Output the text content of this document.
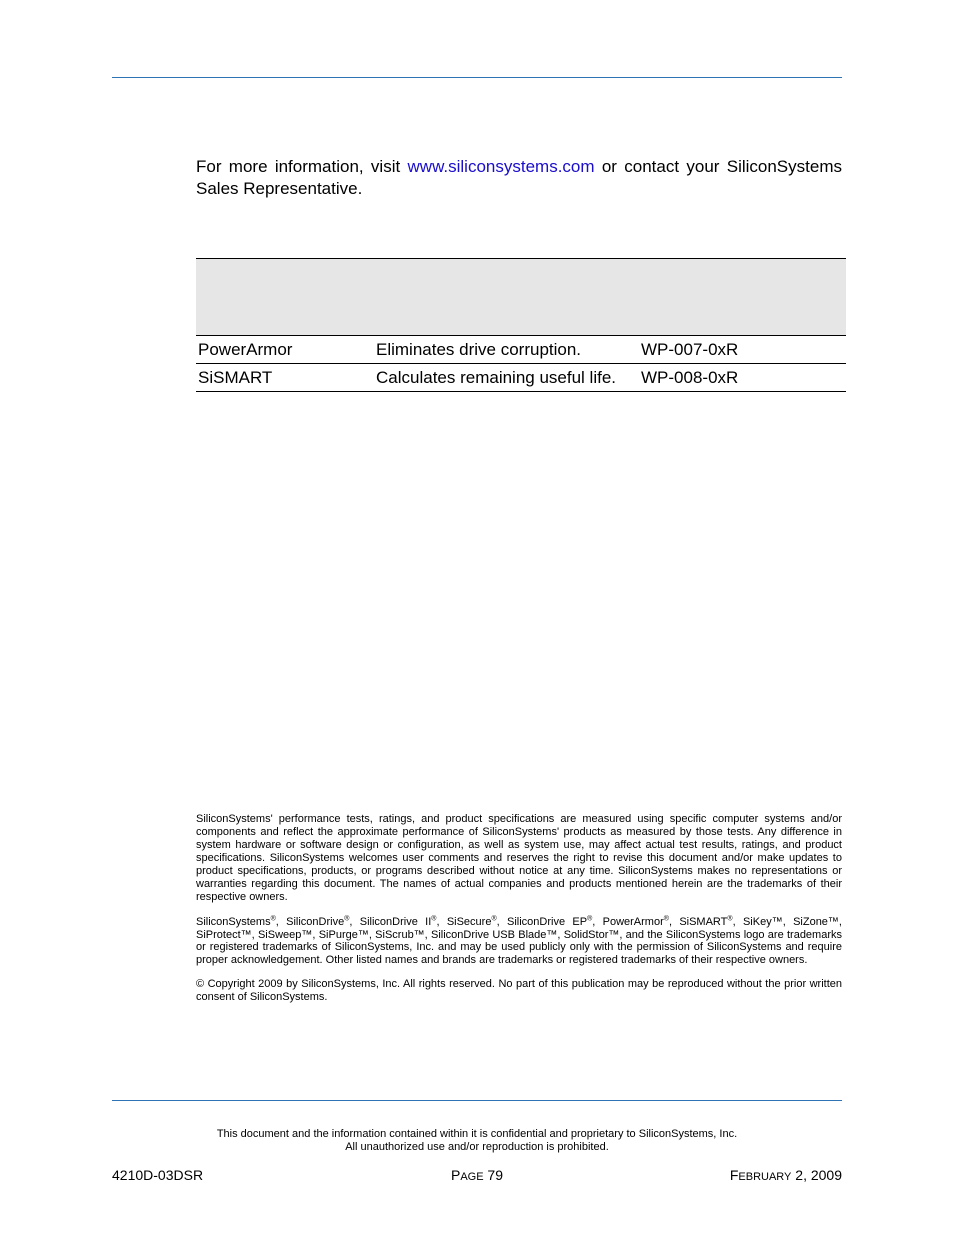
For more information, visit www.siliconsystems.com or contact your SiliconSystems Sales Representative.

PowerArmor	Eliminates drive corruption.	WP-007-0xR
SiSMART	Calculates remaining useful life.	WP-008-0xR

SiliconSystems' performance tests, ratings, and product specifications are measured using specific computer systems and/or components and reflect the approximate performance of SiliconSystems' products as measured by those tests. Any difference in system hardware or software design or configuration, as well as system use, may affect actual test results, ratings, and product specifications. SiliconSystems welcomes user comments and reserves the right to revise this document and/or make updates to product specifications, products, or programs described without notice at any time. SiliconSystems makes no representations or warranties regarding this document. The names of actual companies and products mentioned herein are the trademarks of their respective owners.

SiliconSystems®, SiliconDrive®, SiliconDrive II®, SiSecure®, SiliconDrive EP®, PowerArmor®, SiSMART®, SiKey™, SiZone™, SiProtect™, SiSweep™, SiPurge™, SiScrub™, SiliconDrive USB Blade™, SolidStor™, and the SiliconSystems logo are trademarks or registered trademarks of SiliconSystems, Inc. and may be used publicly only with the permission of SiliconSystems and require proper acknowledgement. Other listed names and brands are trademarks or registered trademarks of their respective owners.

© Copyright 2009 by SiliconSystems, Inc. All rights reserved. No part of this publication may be reproduced without the prior written consent of SiliconSystems.

This document and the information contained within it is confidential and proprietary to SiliconSystems, Inc.
All unauthorized use and/or reproduction is prohibited.
4210D-03DSR	PAGE 79	FEBRUARY 2, 2009
